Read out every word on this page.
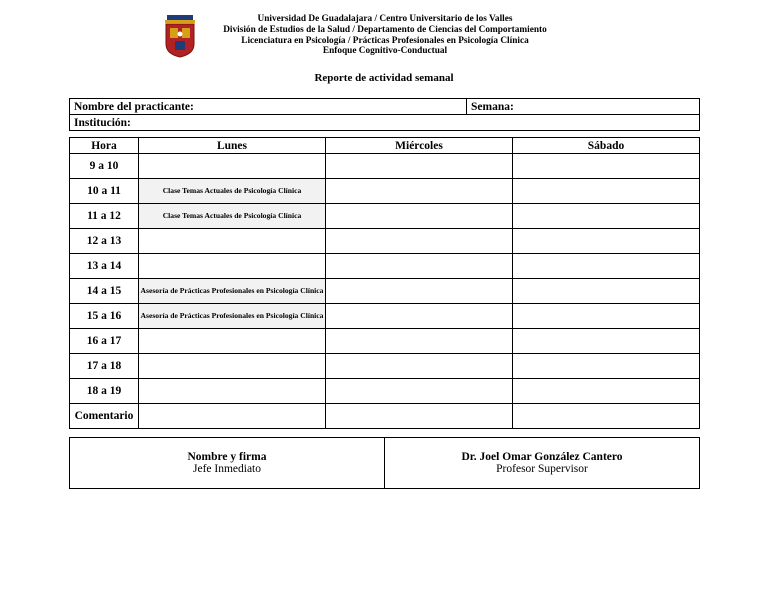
Universidad De Guadalajara / Centro Universitario de los Valles
División de Estudios de la Salud / Departamento de Ciencias del Comportamiento
Licenciatura en Psicología / Prácticas Profesionales en Psicología Clínica
Enfoque Cognitivo-Conductual
Reporte de actividad semanal
Nombre del practicante:	Semana:
Institución:
Hora	Lunes	Miércoles	Sábado
9 a 10			
10 a 11	Clase Temas Actuales de Psicología Clínica		
11 a 12	Clase Temas Actuales de Psicología Clínica		
12 a 13			
13 a 14			
14 a 15	Asesoría de Prácticas Profesionales en Psicología Clínica		
15 a 16	Asesoría de Prácticas Profesionales en Psicología Clínica		
16 a 17			
17 a 18			
18 a 19			
Comentario			
Nombre y firma
Jefe Inmediato

Dr. Joel Omar González Cantero
Profesor Supervisor
